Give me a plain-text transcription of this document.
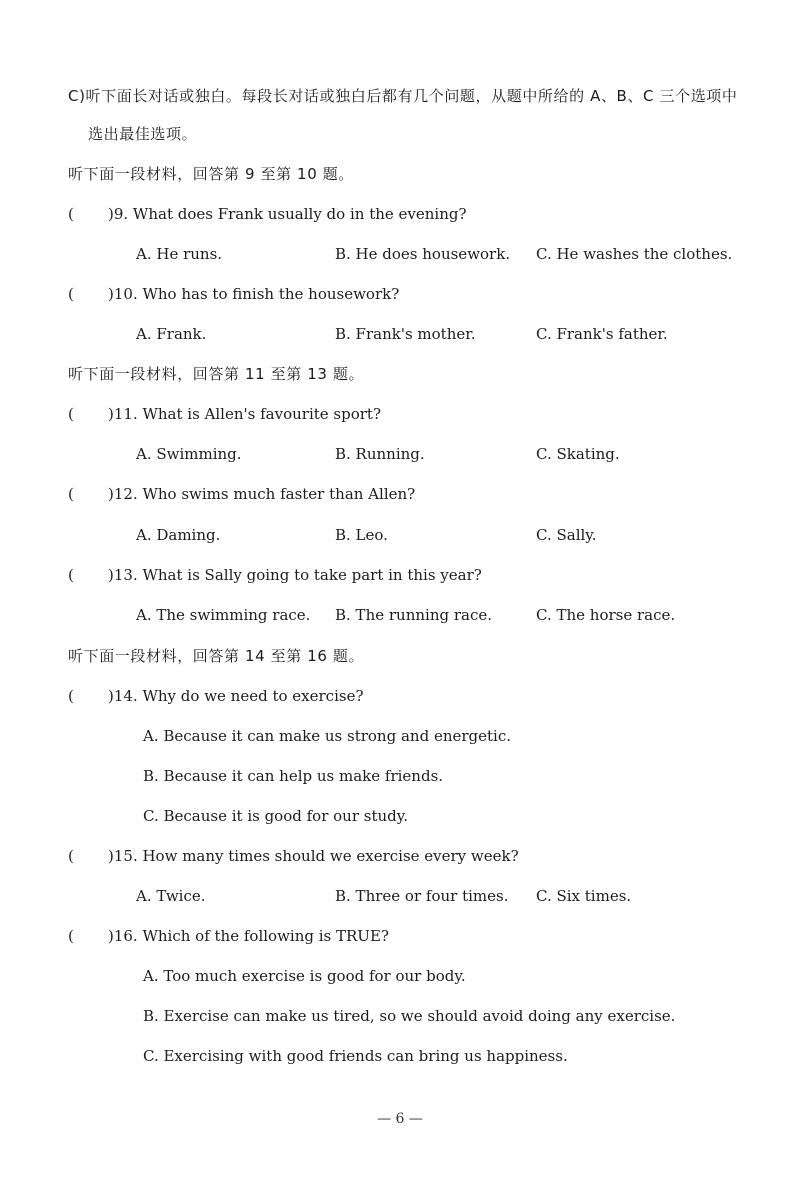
C)听下面长对话或独白。每段长对话或独白后都有几个问题，从题中所给的 A、B、C 三个选项中
选出最佳选项。
听下面一段材料，回答第 9 至第 10 题。
( )9. What does Frank usually do in the evening?
A. He runs.	B. He does housework. C. He washes the clothes.
( )10. Who has to finish the housework?
A. Frank.	B. Frank's mother.	C. Frank's father.
听下面一段材料，回答第 11 至第 13 题。
( )11. What is Allen's favourite sport?
A. Swimming.	B. Running.	C. Skating.
( )12. Who swims much faster than Allen?
A. Daming.	B. Leo.	C. Sally.
( )13. What is Sally going to take part in this year?
A. The swimming race. B. The running race.	C. The horse race.
听下面一段材料，回答第 14 至第 16 题。
( )14. Why do we need to exercise?
A. Because it can make us strong and energetic.
B. Because it can help us make friends.
C. Because it is good for our study.
( )15. How many times should we exercise every week?
A. Twice.	B. Three or four times. C. Six times.
( )16. Which of the following is TRUE?
A. Too much exercise is good for our body.
B. Exercise can make us tired, so we should avoid doing any exercise.
C. Exercising with good friends can bring us happiness.
— 6 —
